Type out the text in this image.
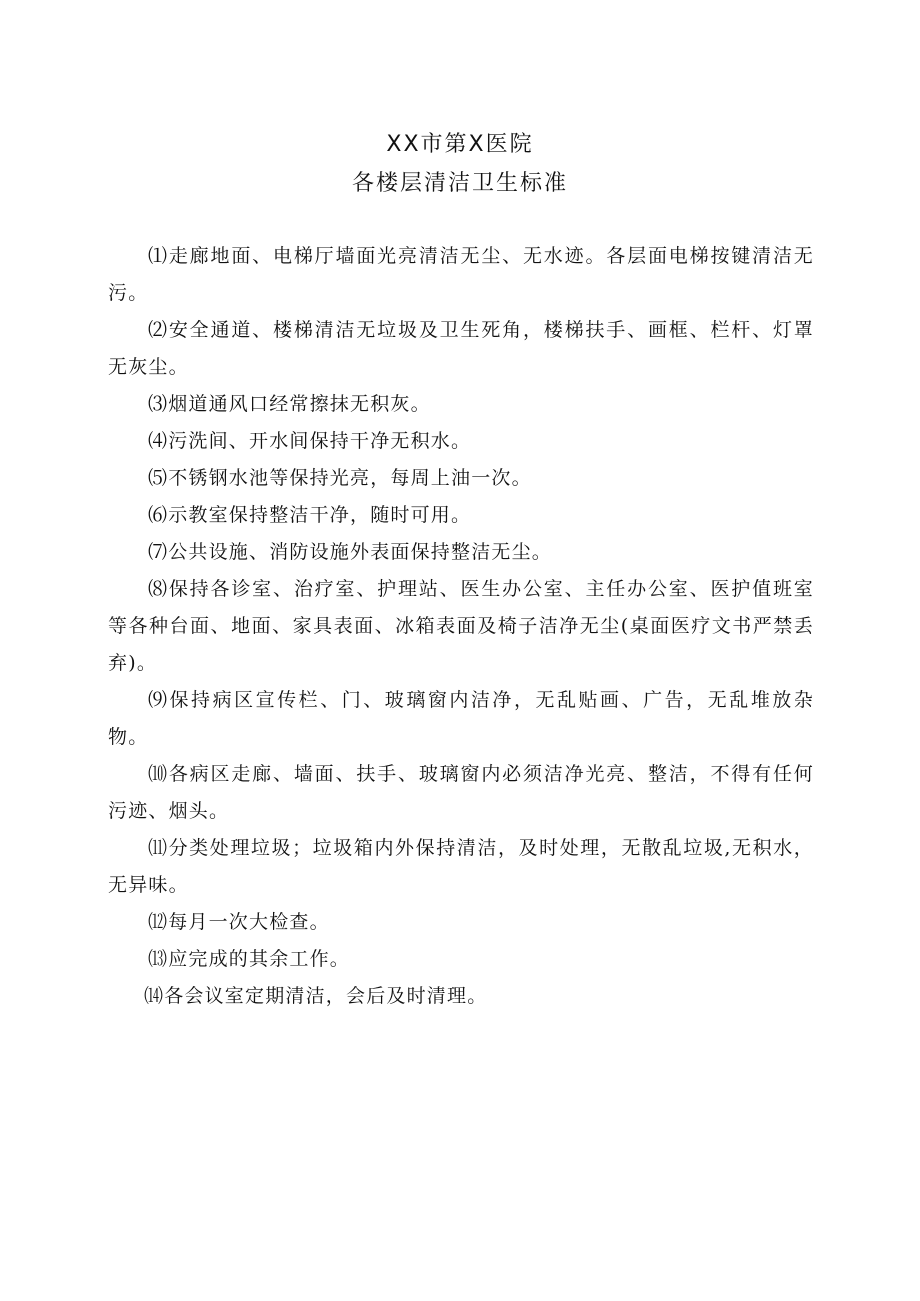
XX市第X医院
各楼层清洁卫生标准

⑴走廊地面、电梯厅墙面光亮清洁无尘、无水迹。各层面电梯按键清洁无污。

⑵安全通道、楼梯清洁无垃圾及卫生死角，楼梯扶手、画框、栏杆、灯罩无灰尘。

⑶烟道通风口经常擦抹无积灰。

⑷污洗间、开水间保持干净无积水。

⑸不锈钢水池等保持光亮，每周上油一次。

⑹示教室保持整洁干净，随时可用。

⑺公共设施、消防设施外表面保持整洁无尘。

⑻保持各诊室、治疗室、护理站、医生办公室、主任办公室、医护值班室等各种台面、地面、家具表面、冰箱表面及椅子洁净无尘(桌面医疗文书严禁丢弃)。

⑼保持病区宣传栏、门、玻璃窗内洁净，无乱贴画、广告，无乱堆放杂物。

⑽各病区走廊、墙面、扶手、玻璃窗内必须洁净光亮、整洁，不得有任何污迹、烟头。

⑾分类处理垃圾；垃圾箱内外保持清洁，及时处理，无散乱垃圾,无积水，无异味。

⑿每月一次大检查。

⒀应完成的其余工作。

⒁各会议室定期清洁，会后及时清理。
